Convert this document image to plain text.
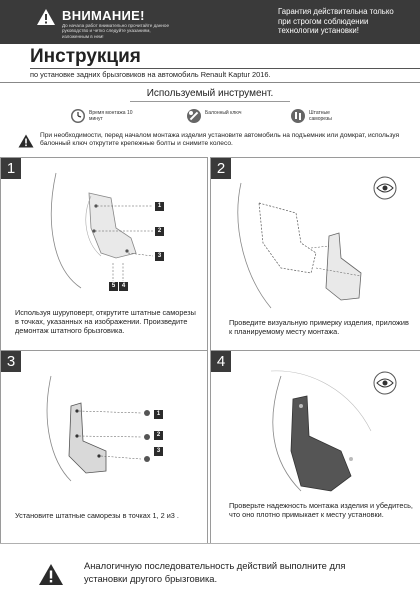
ВНИМАНИЕ!
До начала работ внимательно прочитайте данное руководство и четко следуйте указаниям, изложенным в нем!
Гарантия действительна только при строгом соблюдении технологии установки!
Инструкция
по установке задних брызговиков на автомобиль Renault Kaptur 2016.
Используемый инструмент.
Время монтажа 10 минут
Балонный ключ	Штатные саморезы
При необходимости, перед началом монтажа изделия установите автомобиль на подъемник или домкрат, используя балонный ключ открутите крепежные болты и снимите колесо.
1
1
2
3
4
5
Используя шуруповерт, открутите штатные саморезы в точках, указанных на изображении. Произведите демонтаж штатного брызговика.
2
Проведите визуальную примерку изделия, приложив к планируемому месту монтажа.
3
1
2
3
Установите штатные саморезы в точках 1, 2 и3 .
4
Проверьте надежность монтажа изделия и убедитесь, что оно плотно примыкает к месту установки.
Аналогичную последовательность действий выполните для установки другого брызговика.
